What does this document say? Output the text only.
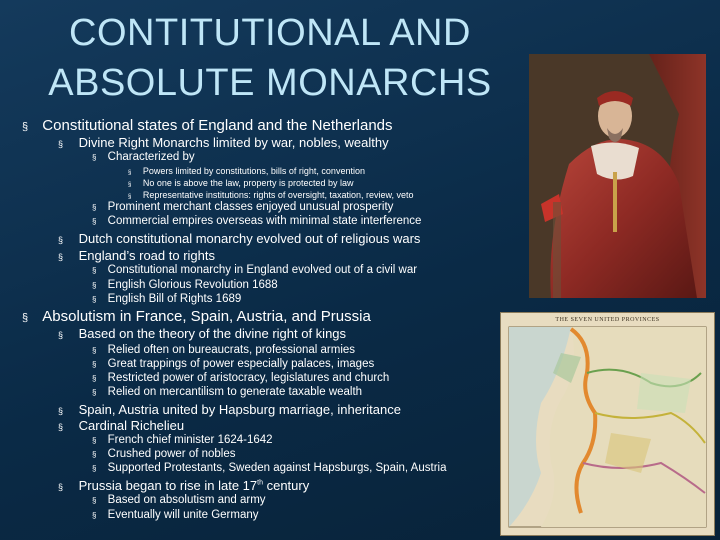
CONTITUTIONAL AND
ABSOLUTE MONARCHS
THE SEVEN UNITED PROVINCES
§ Constitutional states of England and the Netherlands
§ Divine Right Monarchs limited by war, nobles, wealthy
§ Characterized by
§ Powers limited by constitutions, bills of right, convention
§ No one is above the law, property is protected by law
§ Representative institutions: rights of oversight, taxation, review, veto
§ Prominent merchant classes enjoyed unusual prosperity
§ Commercial empires overseas with minimal state interference
§ Dutch constitutional monarchy evolved out of religious wars
§ England’s road to rights
§ Constitutional monarchy in England evolved out of a civil war
§ English Glorious Revolution 1688
§ English Bill of Rights 1689
§ Absolutism in France, Spain, Austria, and Prussia
§ Based on the theory of the divine right of kings
§ Relied often on bureaucrats, professional armies
§ Great trappings of power especially palaces, images
§ Restricted power of aristocracy, legislatures and church
§ Relied on mercantilism to generate taxable wealth
§ Spain, Austria united by Hapsburg marriage, inheritance
§ Cardinal Richelieu
§ French chief minister 1624-1642
§ Crushed power of nobles
§ Supported Protestants, Sweden against Hapsburgs, Spain, Austria
§ Prussia began to rise in late 17th century
§ Based on absolutism and army
§ Eventually will unite Germany
